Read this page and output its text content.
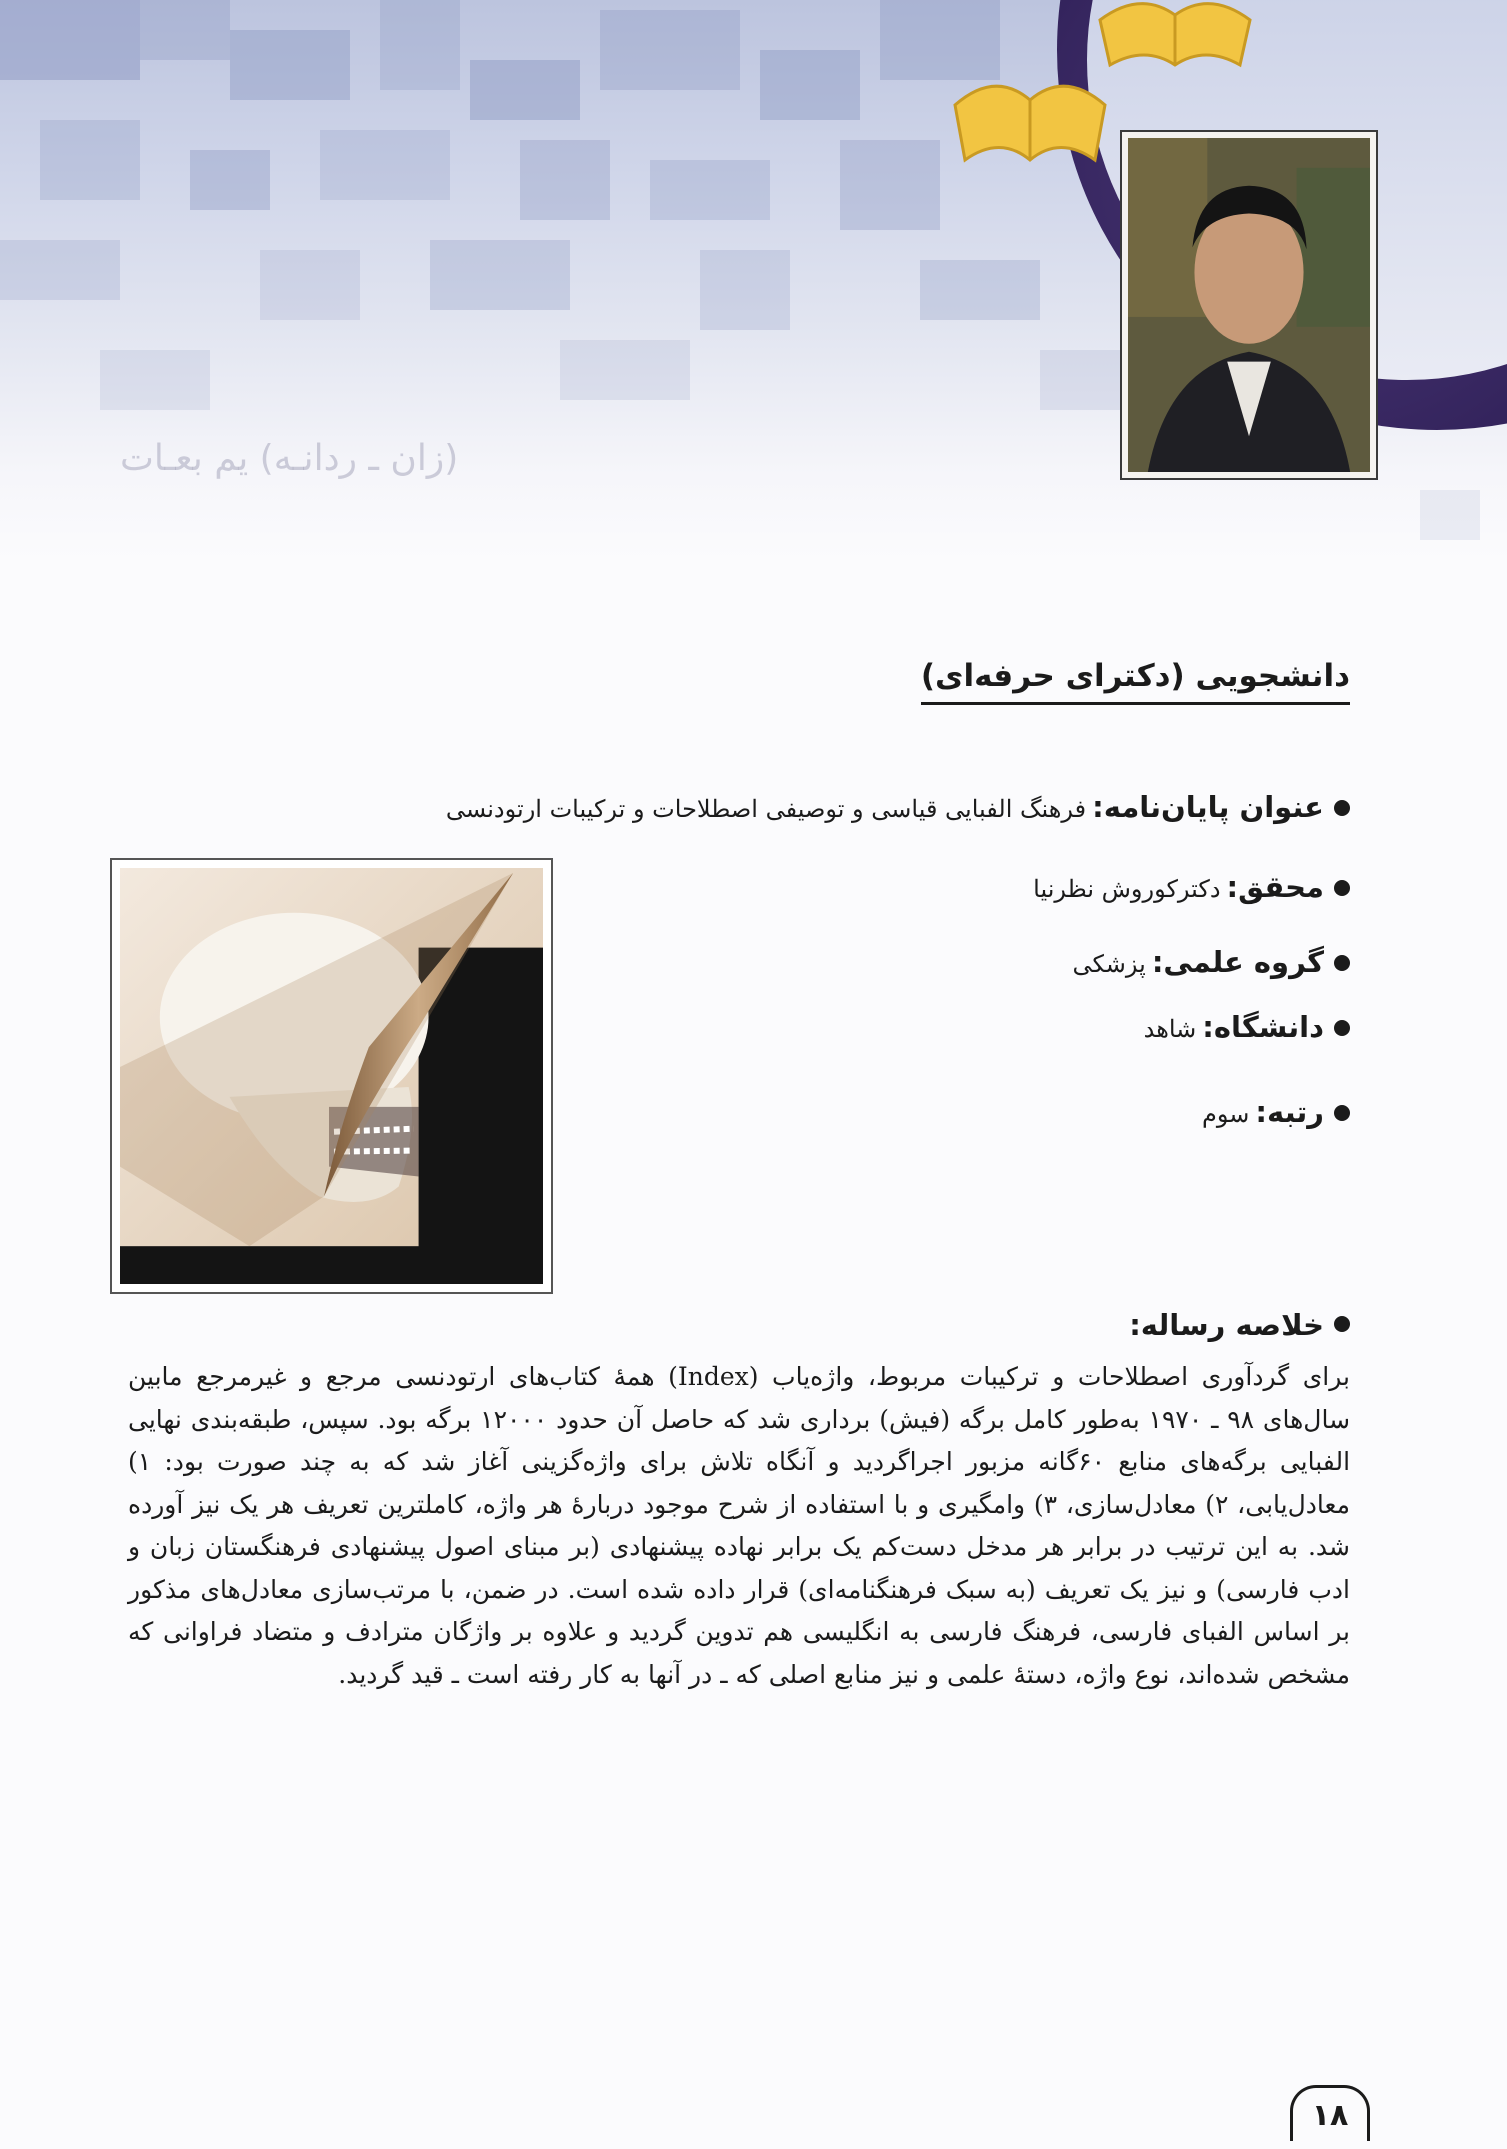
(زان ـ ردانـه) یم بعـات
دانشجویی (دکترای حرفه‌ای)
عنوان پایان‌نامه:
فرهنگ الفبایی قیاسی و توصیفی اصطلاحات و ترکیبات ارتودنسی
محقق:
دکترکوروش نظرنیا
گروه علمی:
پزشکی
دانشگاه:
شاهد
رتبه:
سوم
خلاصه رساله:
برای گردآوری اصطلاحات و ترکیبات مربوط، واژه‌یاب (Index) همهٔ کتاب‌های ارتودنسی مرجع و غیرمرجع مابین سال‌های ۹۸ ـ ۱۹۷۰ به‌طور کامل برگه (فیش) برداری شد که حاصل آن حدود ۱۲۰۰۰ برگه بود. سپس، طبقه‌بندی نهایی الفبایی برگه‌های منابع ۶۰گانه مزبور اجراگردید و آنگاه تلاش برای واژه‌گزینی آغاز شد که به چند صورت بود: ۱) معادل‌یابی، ۲) معادل‌سازی، ۳) وامگیری و با استفاده از شرح موجود دربارهٔ هر واژه، کاملترین تعریف هر یک نیز آورده شد. به این ترتیب در برابر هر مدخل دست‌کم یک برابر نهاده پیشنهادی (بر مبنای اصول پیشنهادی فرهنگستان زبان و ادب فارسی) و نیز یک تعریف (به سبک فرهنگنامه‌ای) قرار داده شده است. در ضمن، با مرتب‌سازی معادل‌های مذکور بر اساس الفبای فارسی، فرهنگ فارسی به انگلیسی هم تدوین گردید و علاوه بر واژگان مترادف و متضاد فراوانی که مشخص شده‌اند، نوع واژه، دستهٔ علمی و نیز منابع اصلی که ـ در آنها به کار رفته است ـ قید گردید.
۱۸
